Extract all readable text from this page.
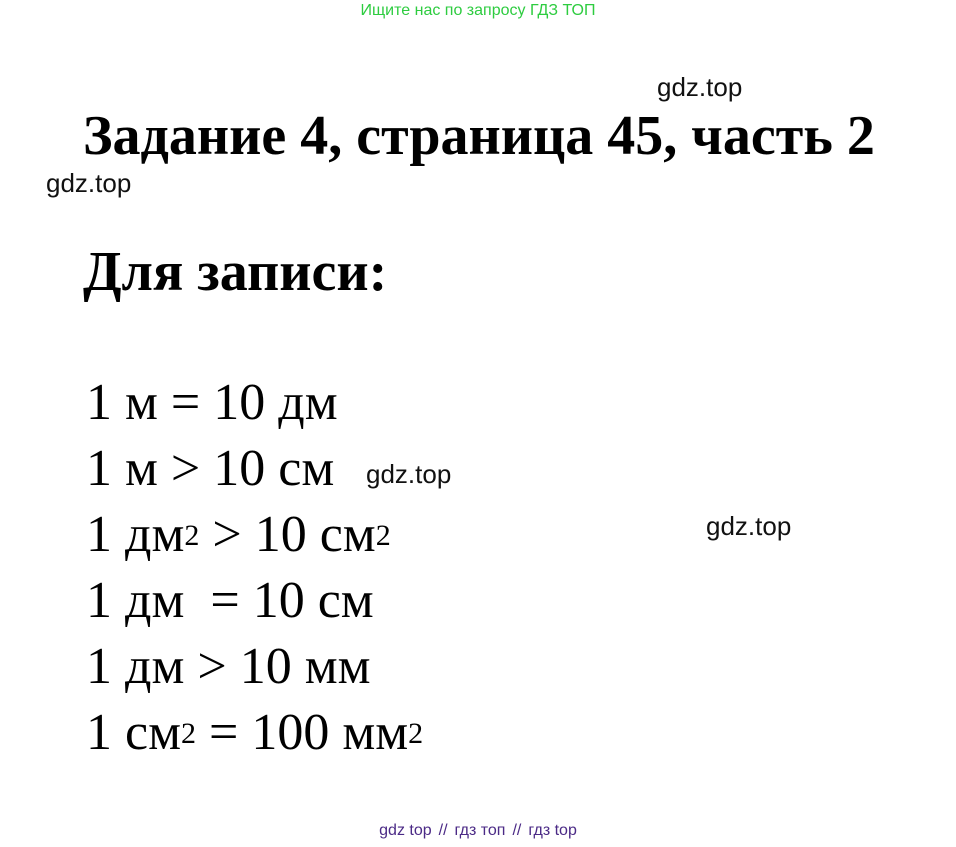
Ищите нас по запросу ГДЗ ТОП
gdz.top
Задание 4, страница 45, часть 2
gdz.top
Для записи:
1 м = 10 дм
1 м > 10 см
1 $дм^2 > 10$ $см^2$
1 дм  = 10 см
1 дм > 10 мм
1 $см^2 = 100$ $мм^2$
gdz.top
gdz.top
gdz top // гдз топ // гдз top
